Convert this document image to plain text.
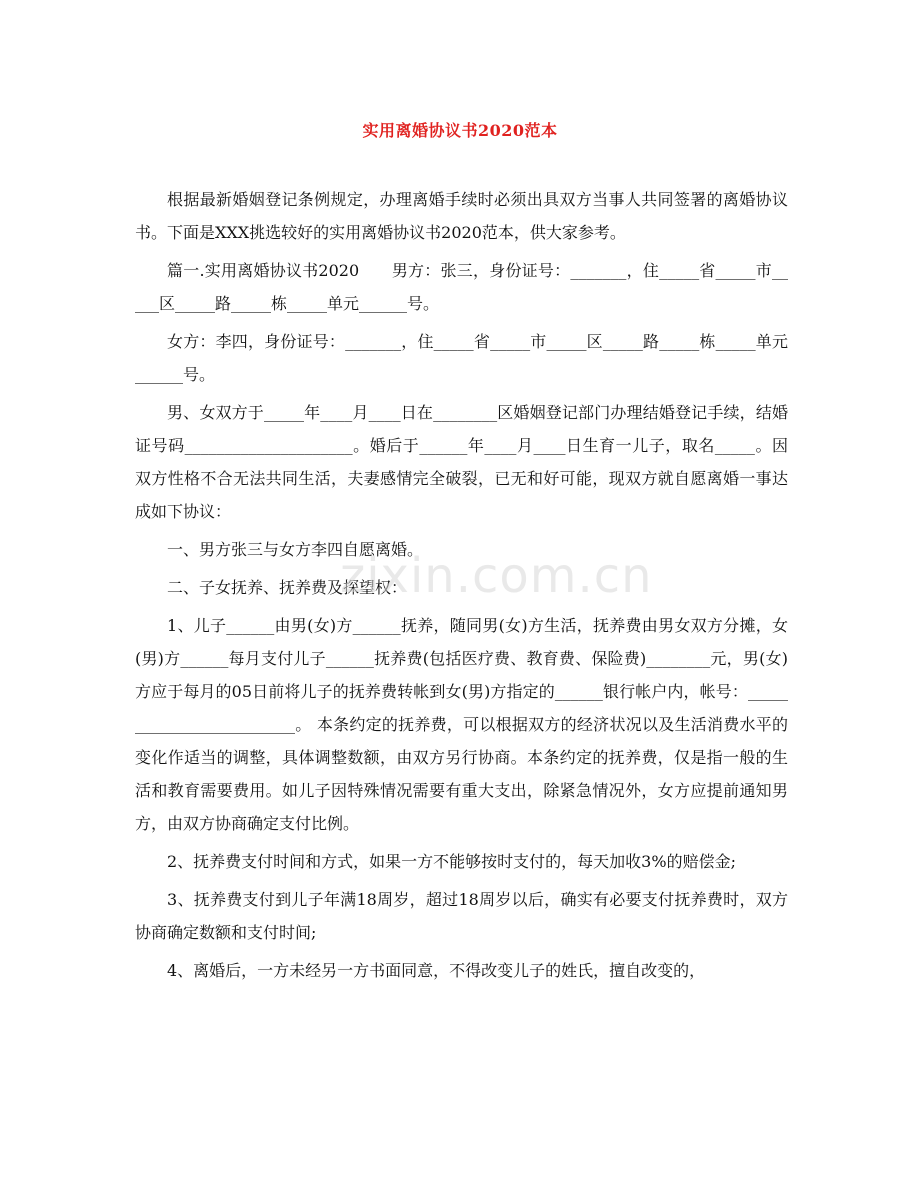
实用离婚协议书2020范本

根据最新婚姻登记条例规定，办理离婚手续时必须出具双方当事人共同签署的离婚协议书。下面是XXX挑选较好的实用离婚协议书2020范本，供大家参考。

篇一.实用离婚协议书2020　　男方：张三，身份证号：_______，住_____省_____市_____区_____路_____栋_____单元______号。

女方：李四，身份证号：_______，住_____省_____市_____区_____路_____栋_____单元______号。

男、女双方于_____年____月____日在________区婚姻登记部门办理结婚登记手续，结婚证号码_____________________。婚后于______年____月____日生育一儿子，取名_____。因双方性格不合无法共同生活，夫妻感情完全破裂，已无和好可能，现双方就自愿离婚一事达成如下协议：

一、男方张三与女方李四自愿离婚。

二、子女抚养、抚养费及探望权：

1、儿子______由男(女)方______抚养，随同男(女)方生活，抚养费由男女双方分摊，女(男)方______每月支付儿子______抚养费(包括医疗费、教育费、保险费)________元，男(女)方应于每月的05日前将儿子的抚养费转帐到女(男)方指定的______银行帐户内，帐号：_________________________。 本条约定的抚养费，可以根据双方的经济状况以及生活消费水平的变化作适当的调整，具体调整数额，由双方另行协商。本条约定的抚养费，仅是指一般的生活和教育需要费用。如儿子因特殊情况需要有重大支出，除紧急情况外，女方应提前通知男方，由双方协商确定支付比例。

2、抚养费支付时间和方式，如果一方不能够按时支付的，每天加收3%的赔偿金;

3、抚养费支付到儿子年满18周岁，超过18周岁以后，确实有必要支付抚养费时，双方协商确定数额和支付时间;

4、离婚后，一方未经另一方书面同意，不得改变儿子的姓氏，擅自改变的，

zixin.com.cn
